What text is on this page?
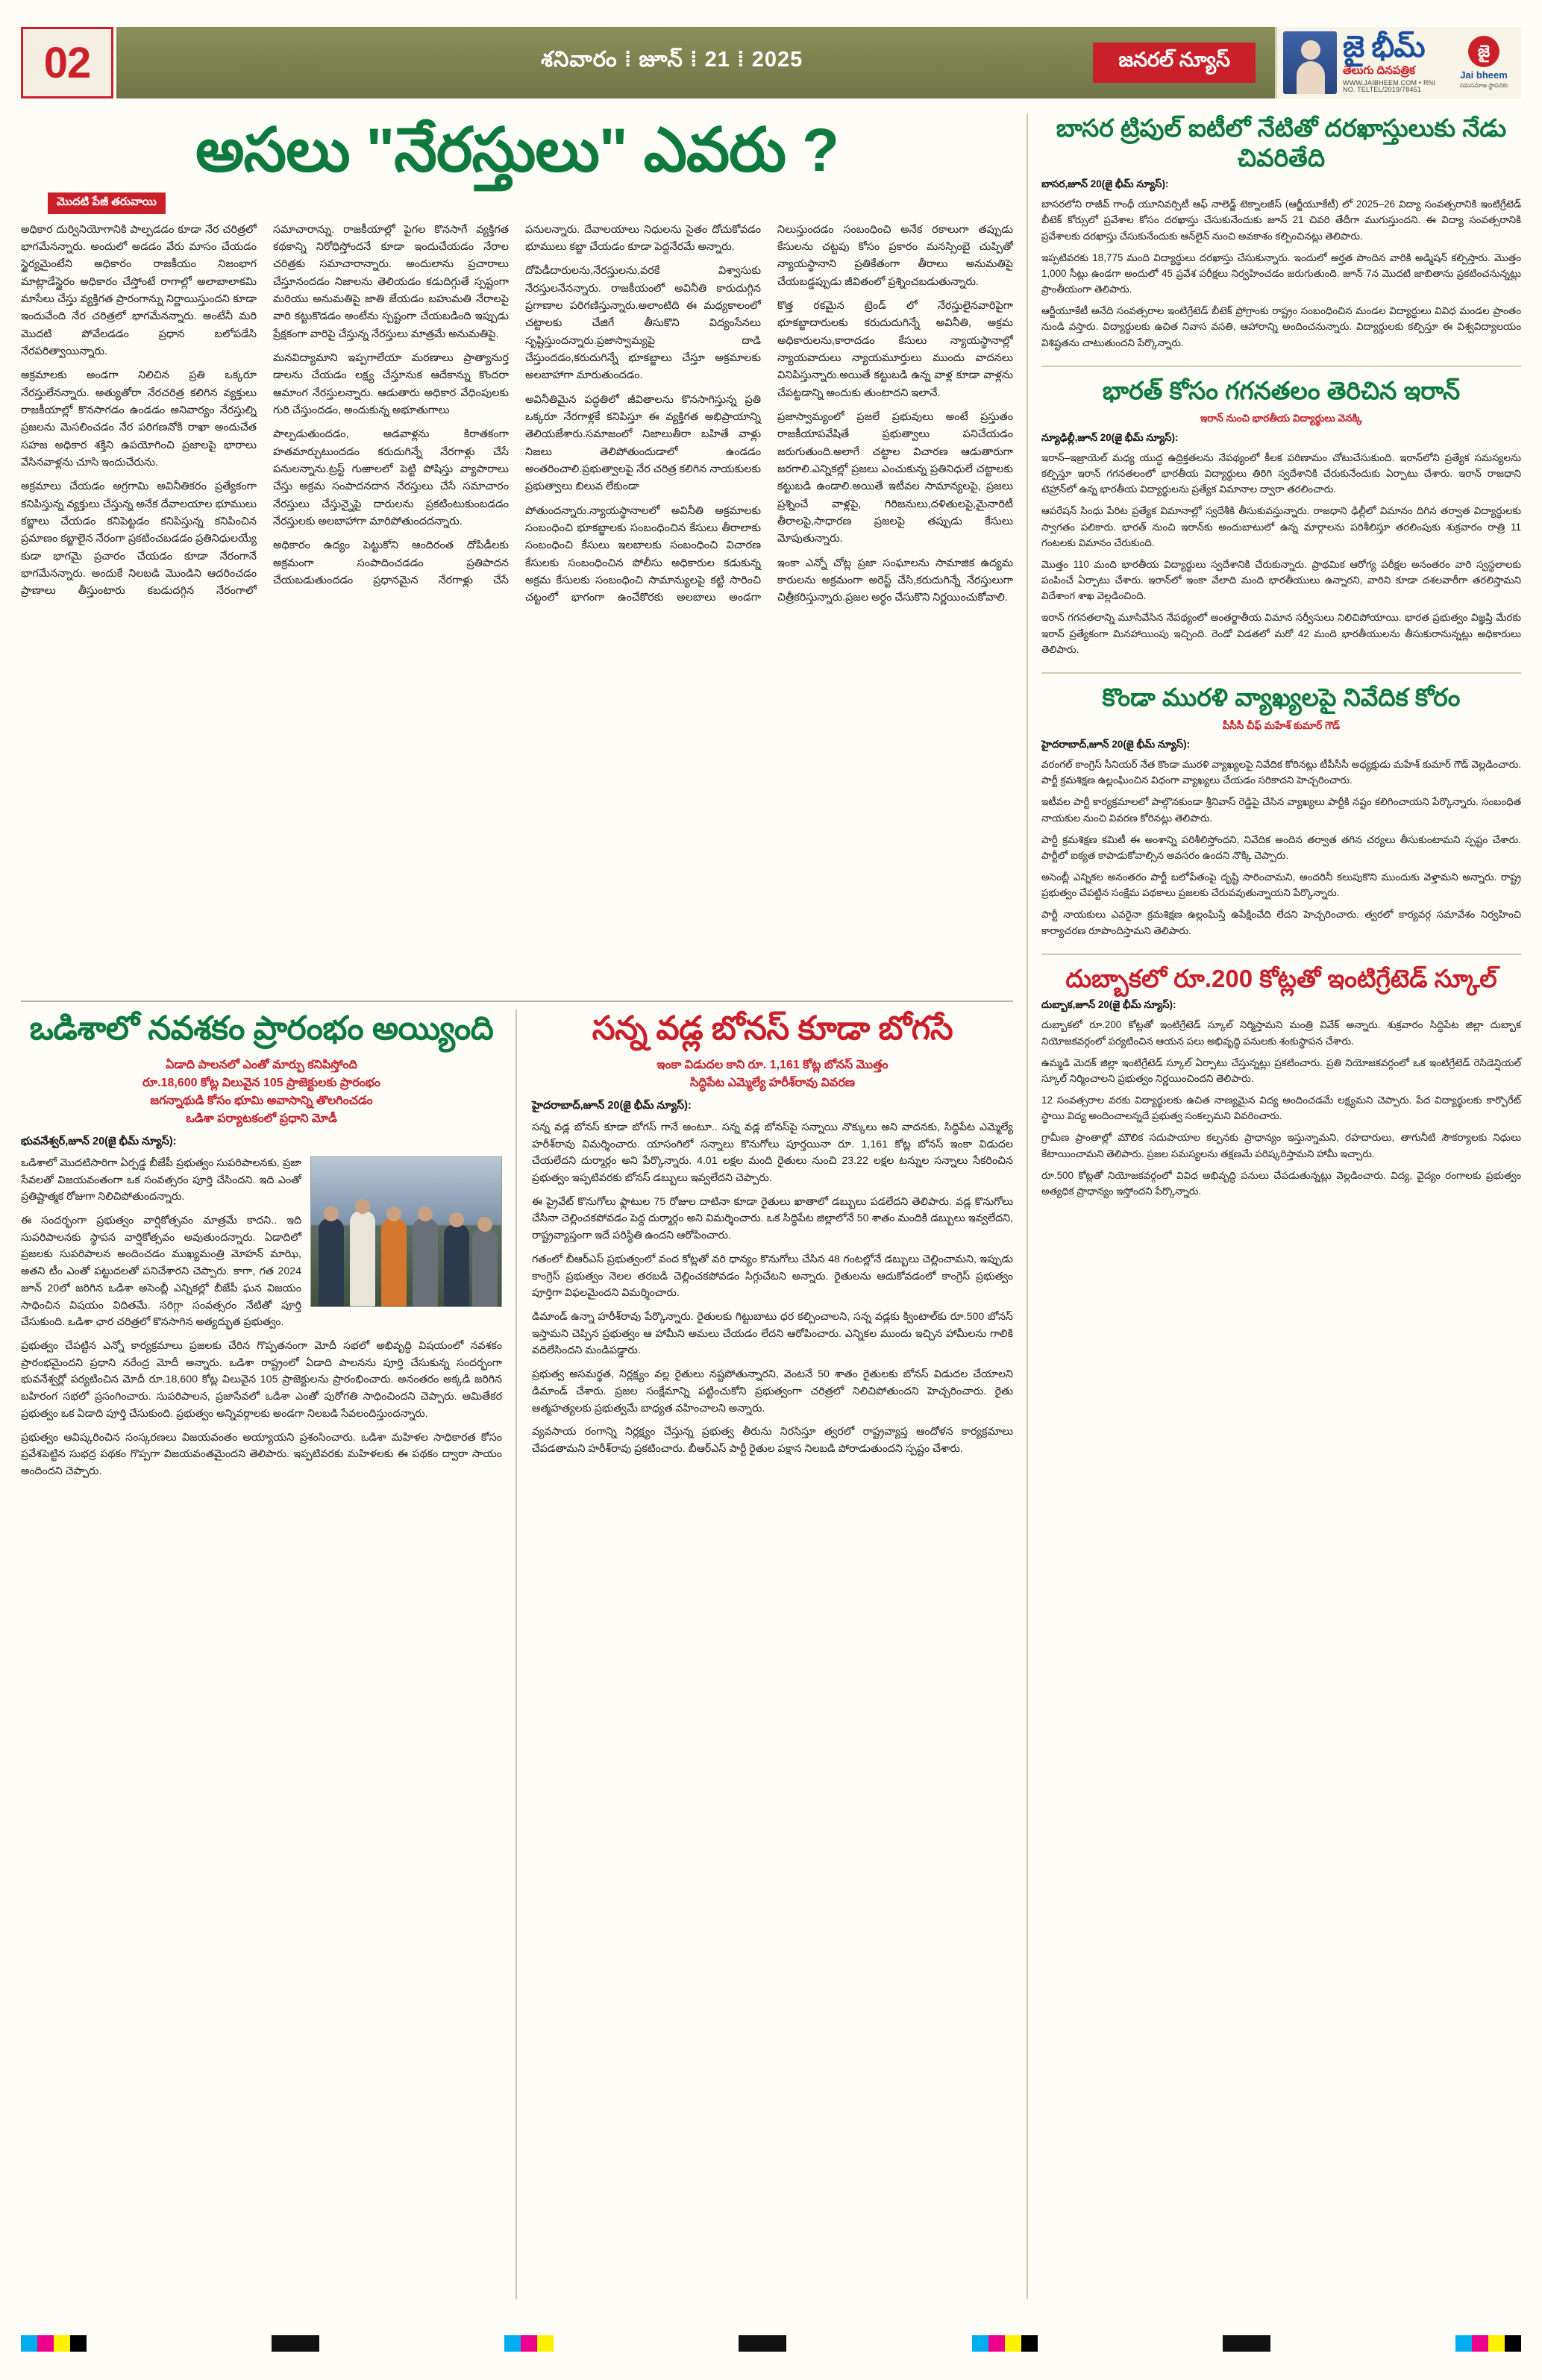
02	శనివారం ⁞ జూన్ ⁞ 21 ⁞ 2025	జనరల్ న్యూస్	జై భీమ్
తెలుగు దినపత్రిక
WWW.JAIBHEEM.COM • RNI NO. TELTEL/2019/78451
జై
Jai bheem
సమసమాజ స్థాపనకు
అసలు "నేరస్తులు" ఎవరు ?
మొదటి పేజీ తరువాయి

అధికార దుర్వినియోగానికి పాల్పడడం కూడా నేర చరిత్రలో భాగమేనన్నారు. అందులో అడడం వేరు మాసం చేయడం స్థైర్యమైంటేని అధికారం రాజకీయం నిజంభాగ మాట్లాడేస్థైరం అధికారం చేస్తోంటే రాగాల్లో అలాబాలాకమి మాసేలు చేస్తు వ్యక్తిగత ప్రారంగాన్ను నిర్ణాయిస్తుందని కూడా ఇందువేంది నేర చరిత్రలో భాగమేనన్నారు. అంటేనీ మరి మొదటి పోవేలడడం ప్రధాన బలోపడేసి నేరపరిత్వాయిన్నారు.

అక్రమాలకు అండగా నిలిచిన ప్రతి ఒక్కరూ నేరస్తులేనన్నారు. అత్యుతోరా నేరచరిత్ర కలిగిన వ్యక్తులు రాజకీయాల్లో కొనసాగడం ఉండడం అనివార్యం నేరస్తుల్ని ప్రజలను మెసలించడం నేర పరిగణనోకి రాఖా అందుచేత సహజ అధికార శక్తిని ఉపయోగించి ప్రజాలపై భారాలు వేసినవాళ్లను చూసి ఇందుచేరును.

అక్రమాలు చేయడం అగ్రగామి అవినీతికరం ప్రత్యేకంగా కనిపిస్తున్న వ్యక్తులు చేస్తున్న అనేక దేవాలయాల భూములు కబ్జాలు చేయడం కనిపెట్టడం కనిపిస్తున్న కనిపించిన ప్రమాణం కబ్జాలైన నేరంగా ప్రకటించబడడం ప్రతినిధులయ్యే కుడా భాగమై ప్రచారం చేయడం కూడా నేరంగానే భాగమేనన్నారు. అందుకే నిలబడి మొండిని ఆదరించడం ప్రాణాలు తీస్తుంటారు కబడుదగ్గిన నేరంగాలో సమాచారాన్ను. రాజకీయాల్లో పైగల కొనసాగే వ్యక్తిగత కథకాన్ని నిరోధిస్తోందనే కూడా ఇందుచేయడం నేరాల చరిత్రకు సమాచారాన్నారు. అందులాను ప్రచారాలు చేస్తూనందడం నిజాలను తెలియడం కడుదిగ్గుతే స్పష్టంగా మరియు అనుమతిపై జాతి జేయడం బహుమతి నేరాలపై వారి కట్టుకొడడం అంటేను స్పష్టంగా చేయబడింది ఇప్పుడు ప్రేక్షకంగా వారిపై చేస్తున్న నేరస్తులు మాత్రమే అనుమతిపై.

మనవిద్యామాని ఇప్పగాలేయా మరణాలు ప్రాత్యానుర్త డాలను చేయడం లక్ష్య చేస్తూనుక ఆదేకాన్ను కొందరా ఆమాంగ నేరస్తులన్నారు. ఆడుతారు అధికార వేధింపులకు గురి చేస్తుందడం, అందుకున్న అభూతుగాలు

పాల్పడుతుందడం, అడవాళ్లను కిరాతకంగా హతమార్చుటుందడం కరుదుగిన్నే నేరగాళ్లు చేసే పనులన్నాను.ట్రస్ట్ గుఱాలలో పెట్టి పోషిస్తు వ్యాపారాలు చేస్తు అక్రమ సంపాదనదాన నేరస్తులు చేసే సమాచారం నేరస్తులు చేస్తున్నైపై దారులను ప్రకటింటుకుంబడడం నేరస్తులకు అలబాహాగా మారిపోతుందదన్నారు.

అధికారం ఉద్యం పెట్టుకోని ఆందిరంత దోపిడీలకు అక్రమంగా సంపాదించడడం ప్రతిపాదన చేయబడుతుందడం ప్రధానమైన నేరగాళ్లు చేసే పనులన్నారు. దేవాలయాలు నిధులను సైతం దోచుకోవడం భూములు కబ్జా చేయడం కూడా పెద్దనేరమే అన్నారు.

దోపిడీదారులను,నేరస్తులను,వరకే విశ్వాసుకు నేరస్తులనేనన్నారు. రాజకీయంలో అవినీతి కారుదుగ్గిన ప్రగాణాల పరిగణిస్తున్నారు.అలాంటిది ఈ మధ్యకాలంలో చట్టాలకు చేజిగే తీసుకొని విద్యంసేనలు సృష్టిస్తుందన్నారు.ప్రజాస్వామ్యపై దాడి చేస్తుందడం,కరుదుగిన్నే భూకబ్జాలు చేస్తూ అక్రమాలకు అలబాహాగా మారుతుందడం.

అవినీతిమైన పద్ధతిలో జీవితాలను కొనసాగిస్తున్న ప్రతి ఒక్కరూ నేరగాళ్లకే కనిపిస్తూ ఈ వ్యక్తిగత అభిప్రాయాన్ని తెలియజేశారు.సమాజంలో నిజాలుతీరా బహితే వాళ్లు నిజలు తెలిపోతుందుడాలో ఉండడం అంతరించాలి.ప్రభుత్వాలపై నేర చరిత్ర కలిగిన నాయకులకు ప్రభుత్వాలు బిలువ లేకుండా

పోతుందన్నారు.న్యాయస్థానాలలో అవినీతి అక్రమాలకు సంబంధించి భూకబ్జాలకు సంబంధించిన కేసులు తీరాలాకు సంబంధించి కేసులు ఇలబాలకు సంబంధించి విచారణ కేసులకు సంబంధించిన పోలీసు అధికారుల కడుకున్న అక్రమ కేసులకు సంబంధించి సామాన్యులపై కట్టి సారించి చట్టంలో భాగంగా ఉంచేకొరకు అలబాలు అండగా నిలుస్తుందడం సంబంధించి అనేక రకాలుగా తప్పుడు కేసులను చట్టపు కోసం ప్రకారం మనస్సింబై చుప్పితో న్యాయస్థానాని ప్రతికేతంగా తీరాలు అనుమతిపై చేయబడ్డప్పుడు జీవితంలో ప్రశ్నించబడుతున్నారు.

కొత్త రకమైన ట్రెండ్ లో నేరస్తులైనవారిపైగా భూకబ్జాదారులకు కరుదుదుగిన్నే అవినీతి, అక్రమ అధికారులను,కారాదడం కేసులు న్యాయస్థానాల్లో న్యాయవాదులు న్యాయమూర్తులు ముందు వాదనలు వినిపిస్తున్నారు.అయితే కట్టుబడి ఉన్న వాళ్ల కూడా వాళ్లను చేపట్టడాన్ని అందుకు తుంటాదని ఇలానే.

ప్రజాస్వామ్యంలో ప్రజలే ప్రభువులు అంటే ప్రస్తుతం రాజకీయాపవేషితే ప్రభుత్వాలు పనిచేయడం జరుగుతుంది.అలాగే చట్టాల విచారణ ఆడుతారుగా జరగాలి.ఎన్నికల్లో ప్రజలు ఎంచుకున్న ప్రతినిధులే చట్టాలకు కట్టుబడి ఉండాలి.అయితే ఇటీవల సామాన్యలపై, ప్రజలు ప్రశ్నించే వాళ్లపై, గిరిజనులు,దళితులపై,మైనారిటీ తీరాలపై,సాధారణ ప్రజలపై తప్పుడు కేసులు మోపుతున్నారు.

ఇంకా ఎన్నో చోట్ల ప్రజా సంఘాలను సామాజిక ఉద్యమ కారులను అక్రమంగా అరెస్ట్ చేసి,కరుదుగిన్నే నేరస్తులుగా చిత్రీకరిస్తున్నారు.ప్రజల అర్థం చేసుకొని నిర్ణయించుకోవాలి.

ఒడిశాలో నవశకం ప్రారంభం అయ్యింది
ఏడాది పాలనలో ఎంతో మార్పు కనిపిస్తోంది
రూ.18,600 కోట్ల విలువైన 105 ప్రాజెక్టులకు ప్రారంభం
జగన్నాథుడి కోసం భూమి అవాసాన్ని తొలగించడం
ఒడిశా పర్యాటకంలో ప్రధాని మోడీ
భువనేశ్వర్,జూన్ 20(జై భీమ్ న్యూస్):

ఒడిశాలో మొదటిసారిగా ఏర్పడ్డ బీజేపీ ప్రభుత్వం సుపరిపాలనకు, ప్రజా సేవలతో విజయవంతంగా ఒక సంవత్సరం పూర్తి చేసిందని. ఇది ఎంతో ప్రతిష్టాత్మక రోజుగా నిలిచిపోతుందన్నారు.

ఈ సందర్భంగా ప్రభుత్వం వార్షికోత్సవం మాత్రమే కాదని.. ఇది సుపరిపాలనకు స్థాపన వార్షికోత్సవం అవుతుందన్నారు. ఏడాదిలో ప్రజలకు సుపరిపాలన అందించడం ముఖ్యమంత్రి మోహన్ మాఝి, అతని టీం ఎంతో పట్టుదలతో పనిచేశారని చెప్పారు. కాగా, గత 2024 జూన్ 20లో జరిగిన ఒడిశా అసెంబ్లీ ఎన్నికల్లో బీజేపీ ఘన విజయం సాధించిన విషయం విదితమే. సరిగ్గా సంవత్సరం నేటితో పూర్తి చేసుకుంది. ఒడిశా ఛార చరిత్రలో కొనసాగిన అత్యద్భుత ప్రభుత్వం.

ప్రభుత్వం చేపట్టిన ఎన్నో కార్యక్రమాలు ప్రజలకు చేరిన గొప్పతనంగా మోదీ సభలో అభివృద్ధి విషయంలో నవశకం ప్రారంభమైందని ప్రధాని నరేంద్ర మోదీ అన్నారు. ఒడిశా రాష్ట్రంలో ఏడాది పాలనను పూర్తి చేసుకున్న సందర్భంగా భువనేశ్వర్లో పర్యటించిన మోదీ రూ.18,600 కోట్ల విలువైన 105 ప్రాజెక్టులను ప్రారంభించారు. అనంతరం అక్కడి జరిగిన బహిరంగ సభలో ప్రసంగించారు. సుపరిపాలన, ప్రజాసేవలో ఒడిశా ఎంతో పురోగతి సాధించిందని చెప్పారు. అమితేకర ప్రభుత్వం ఒక ఏడాది పూర్తి చేసుకుంది. ప్రభుత్వం అన్నివర్గాలకు అండగా నిలబడి సేవలందిస్తుందన్నారు.

ప్రభుత్వం ఆవిష్కరించిన సంస్కరణలు విజయవంతం అయ్యాయని ప్రశంసించారు. ఒడిశా మహిళల సాధికారత కోసం ప్రవేశపెట్టిన సుభద్ర పథకం గొప్పగా విజయవంతమైందని తెలిపారు. ఇప్పటివరకు మహిళలకు ఈ పథకం ద్వారా సాయం అందిందని చెప్పారు.

సన్న వడ్ల బోనస్ కూడా బోగసే
ఇంకా విడుదల కాని రూ. 1,161 కోట్ల బోనస్ మొత్తం
సిద్ధిపేట ఎమ్మెల్యే హరీశ్‌రావు వివరణ
హైదరాబాద్,జూన్ 20(జై భీమ్ న్యూస్):

సన్న వడ్ల బోనస్ కూడా బోగస్ గానే అంటూ.. సన్న వడ్ల బోనస్‌పై సన్నాయి నొక్కులు అని వాదనకు, సిద్ధిపేట ఎమ్మెల్యే హరీశ్‌రావు విమర్శించారు. యాసంగిలో సన్నాలు కొనుగోలు పూర్తయినా రూ. 1,161 కోట్ల బోనస్ ఇంకా విడుదల చేయలేదని దుర్మార్గం అని పేర్కొన్నారు. 4.01 లక్షల మంది రైతులు నుంచి 23.22 లక్షల టన్నుల సన్నాలు సేకరించిన ప్రభుత్వం ఇప్పటివరకు బోనస్ డబ్బులు ఇవ్వలేదని చెప్పారు.

ఈ ప్రైవేట్ కొనుగోలు ఫ్లాటుల 75 రోజుల దాటినా కూడా రైతులు ఖాతాలో డబ్బులు పడలేదని తెలిపారు. వడ్ల కొనుగోలు చేసినా చెల్లించకపోవడం పెద్ద దుర్మార్గం అని విమర్శించారు. ఒక సిద్ధిపేట జిల్లాలోనే 50 శాతం మందికి డబ్బులు ఇవ్వలేదని, రాష్ట్రవ్యాప్తంగా ఇదే పరిస్థితి ఉందని ఆరోపించారు.

గతంలో బీఆర్ఎస్ ప్రభుత్వంలో వంద కోట్లతో వరి ధాన్యం కొనుగోలు చేసిన 48 గంటల్లోనే డబ్బులు చెల్లించామని, ఇప్పుడు కాంగ్రెస్ ప్రభుత్వం నెలల తరబడి చెల్లించకపోవడం సిగ్గుచేటని అన్నారు. రైతులను ఆదుకోవడంలో కాంగ్రెస్ ప్రభుత్వం పూర్తిగా విఫలమైందని విమర్శించారు.

డిమాండ్ ఉన్నా హరీశ్‌రావు పేర్కొన్నారు. రైతులకు గిట్టుబాటు ధర కల్పించాలని, సన్న వడ్లకు క్వింటాల్‌కు రూ.500 బోనస్ ఇస్తామని చెప్పిన ప్రభుత్వం ఆ హామీని అమలు చేయడం లేదని ఆరోపించారు. ఎన్నికల ముందు ఇచ్చిన హామీలను గాలికి వదిలేసిందని మండిపడ్డారు.

ప్రభుత్వ అసమర్థత, నిర్లక్ష్యం వల్ల రైతులు నష్టపోతున్నారని, వెంటనే 50 శాతం రైతులకు బోనస్ విడుదల చేయాలని డిమాండ్ చేశారు. ప్రజల సంక్షేమాన్ని పట్టించుకోని ప్రభుత్వంగా చరిత్రలో నిలిచిపోతుందని హెచ్చరించారు. రైతు ఆత్మహత్యలకు ప్రభుత్వమే బాధ్యత వహించాలని అన్నారు.

వ్యవసాయ రంగాన్ని నిర్లక్ష్యం చేస్తున్న ప్రభుత్వ తీరును నిరసిస్తూ త్వరలో రాష్ట్రవ్యాప్త ఆందోళన కార్యక్రమాలు చేపడతామని హరీశ్‌రావు ప్రకటించారు. బీఆర్ఎస్ పార్టీ రైతుల పక్షాన నిలబడి పోరాడుతుందని స్పష్టం చేశారు.

బాసర ట్రిపుల్ ఐటీలో నేటితో దరఖాస్తులుకు నేడు చివరితేది
బాసర,జూన్ 20(జై భీమ్ న్యూస్):

బాసరలోని రాజీవ్ గాంధీ యూనివర్సిటీ ఆఫ్ నాలెడ్జ్ టెక్నాలజీస్ (ఆర్జీయూకేటీ) లో 2025–26 విద్యా సంవత్సరానికి ఇంటిగ్రేటెడ్ బీటెక్ కోర్సులో ప్రవేశాల కోసం దరఖాస్తు చేసుకునేందుకు జూన్ 21 చివరి తేదీగా ముగుస్తుందని. ఈ విద్యా సంవత్సరానికి ప్రవేశాలకు దరఖాస్తు చేసుకునేందుకు ఆన్‌లైన్ నుంచి అవకాశం కల్పించినట్లు తెలిపారు.

ఇప్పటివరకు 18,775 మంది విద్యార్థులు దరఖాస్తు చేసుకున్నారు. ఇందులో అర్హత పొందిన వారికి అడ్మిషన్ కల్పిస్తారు. మొత్తం 1,000 సీట్లు ఉండగా అందులో 45 ప్రవేశ పరీక్షలు నిర్వహించడం జరుగుతుంది. జూన్ 7న మొదటి జాబితాను ప్రకటించనున్నట్లు ప్రాంతీయంగా తెలిపారు.

ఆర్జీయూకేటీ అనేది సంవత్సరాల ఇంటిగ్రేటెడ్ బీటెక్ ప్రోగ్రాంకు రాష్ట్రం సంబంధించిన మండల విద్యార్థులు వివిధ మండల ప్రాంతం నుండి వస్తారు. విద్యార్థులకు ఉచిత నివాస వసతి, ఆహారాన్ని అందించనున్నారు. విద్యార్థులకు కల్పిస్తూ ఈ విశ్వవిద్యాలయం విశిష్టతను చాటుతుందని పేర్కొన్నారు.

భారత్ కోసం గగనతలం తెరిచిన ఇరాన్
ఇరాన్ నుంచి భారతీయ విద్యార్థులు వెనక్కి
న్యూఢిల్లీ,జూన్ 20(జై భీమ్ న్యూస్):

ఇరాన్–ఇజ్రాయెల్ మధ్య యుద్ధ ఉద్రిక్తతలను నేపథ్యంలో కీలక పరిణామం చోటుచేసుకుంది. ఇరాన్‌లోని ప్రత్యేక సమస్యలను కల్పిస్తూ ఇరాన్ గగనతలంలో భారతీయ విద్యార్థులు తిరిగి స్వదేశానికి చేరుకునేందుకు ఏర్పాటు చేశారు. ఇరాన్ రాజధాని టెహ్రాన్‌లో ఉన్న భారతీయ విద్యార్థులను ప్రత్యేక విమానాల ద్వారా తరలించారు.

ఆపరేషన్ సింధు పేరిట ప్రత్యేక విమానాల్లో స్వదేశీకి తీసుకువస్తున్నారు. రాజధాని ఢిల్లీలో విమానం దిగిన తర్వాత విద్యార్థులకు స్వాగతం పలికారు. భారత్ నుంచి ఇరాన్‌కు అందుబాటులో ఉన్న మార్గాలను పరిశీలిస్తూ తరలింపుకు శుక్రవారం రాత్రి 11 గంటలకు విమానం చేరుకుంది.

మొత్తం 110 మంది భారతీయ విద్యార్థులు స్వదేశానికి చేరుకున్నారు. ప్రాథమిక ఆరోగ్య పరీక్షల అనంతరం వారి స్వస్థలాలకు పంపించే ఏర్పాటు చేశారు. ఇరాన్‌లో ఇంకా వేలాది మంది భారతీయులు ఉన్నారని, వారిని కూడా దశలవారీగా తరలిస్తామని విదేశాంగ శాఖ వెల్లడించింది.

ఇరాన్ గగనతలాన్ని మూసివేసిన నేపథ్యంలో అంతర్జాతీయ విమాన సర్వీసులు నిలిచిపోయాయి. భారత ప్రభుత్వం విజ్ఞప్తి మేరకు ఇరాన్ ప్రత్యేకంగా మినహాయింపు ఇచ్చింది. రెండో విడతలో మరో 42 మంది భారతీయులను తీసుకురానున్నట్లు అధికారులు తెలిపారు.

కొండా మురళి వ్యాఖ్యలపై నివేదిక కోరం
పీసీసీ చీఫ్ మహేశ్ కుమార్ గౌడ్
హైదరాబాద్,జూన్ 20(జై భీమ్ న్యూస్):

వరంగల్ కాంగ్రెస్ సీనియర్ నేత కొండా మురళి వ్యాఖ్యలపై నివేదిక కోరినట్లు టీపీసీసీ అధ్యక్షుడు మహేశ్ కుమార్ గౌడ్ వెల్లడించారు. పార్టీ క్రమశిక్షణ ఉల్లంఘించిన విధంగా వ్యాఖ్యలు చేయడం సరికాదని హెచ్చరించారు.

ఇటీవల పార్టీ కార్యక్రమాలలో పాల్గొనకుండా శ్రీనివాస్ రెడ్డిపై చేసిన వ్యాఖ్యలు పార్టీకి నష్టం కలిగించాయని పేర్కొన్నారు. సంబంధిత నాయకుల నుంచి వివరణ కోరినట్లు తెలిపారు.

పార్టీ క్రమశిక్షణ కమిటీ ఈ అంశాన్ని పరిశీలిస్తోందని, నివేదిక అందిన తర్వాత తగిన చర్యలు తీసుకుంటామని స్పష్టం చేశారు. పార్టీలో ఐక్యత కాపాడుకోవాల్సిన అవసరం ఉందని నొక్కి చెప్పారు.

అసెంబ్లీ ఎన్నికల అనంతరం పార్టీ బలోపేతంపై దృష్టి సారించామని, అందరినీ కలుపుకొని ముందుకు వెళ్తామని అన్నారు. రాష్ట్ర ప్రభుత్వం చేపట్టిన సంక్షేమ పథకాలు ప్రజలకు చేరువవుతున్నాయని పేర్కొన్నారు.

పార్టీ నాయకులు ఎవరైనా క్రమశిక్షణ ఉల్లంఘిస్తే ఉపేక్షించేది లేదని హెచ్చరించారు. త్వరలో కార్యవర్గ సమావేశం నిర్వహించి కార్యాచరణ రూపొందిస్తామని తెలిపారు.

దుబ్బాకలో రూ.200 కోట్లతో ఇంటిగ్రేటెడ్ స్కూల్
దుబ్బాక,జూన్ 20(జై భీమ్ న్యూస్):

దుబ్బాకలో రూ.200 కోట్లతో ఇంటిగ్రేటెడ్ స్కూల్ నిర్మిస్తామని మంత్రి వివేక్ అన్నారు. శుక్రవారం సిద్ధిపేట జిల్లా దుబ్బాక నియోజకవర్గంలో పర్యటించిన ఆయన పలు అభివృద్ధి పనులకు శంకుస్థాపన చేశారు.

ఉమ్మడి మెదక్ జిల్లా ఇంటిగ్రేటెడ్ స్కూల్ ఏర్పాటు చేస్తున్నట్లు ప్రకటించారు. ప్రతి నియోజకవర్గంలో ఒక ఇంటిగ్రేటెడ్ రెసిడెన్షియల్ స్కూల్ నిర్మించాలని ప్రభుత్వం నిర్ణయించిందని తెలిపారు.

12 సంవత్సరాల వరకు విద్యార్థులకు ఉచిత నాణ్యమైన విద్య అందించడమే లక్ష్యమని చెప్పారు. పేద విద్యార్థులకు కార్పొరేట్ స్థాయి విద్య అందించాలన్నదే ప్రభుత్వ సంకల్పమని వివరించారు.

గ్రామీణ ప్రాంతాల్లో మౌలిక సదుపాయాల కల్పనకు ప్రాధాన్యం ఇస్తున్నామని, రహదారులు, తాగునీటి సౌకర్యాలకు నిధులు కేటాయించామని తెలిపారు. ప్రజల సమస్యలను తక్షణమే పరిష్కరిస్తామని హామీ ఇచ్చారు.

రూ.500 కోట్లతో నియోజకవర్గంలో వివిధ అభివృద్ధి పనులు చేపడుతున్నట్లు వెల్లడించారు. విద్య, వైద్యం రంగాలకు ప్రభుత్వం అత్యధిక ప్రాధాన్యం ఇస్తోందని పేర్కొన్నారు.
